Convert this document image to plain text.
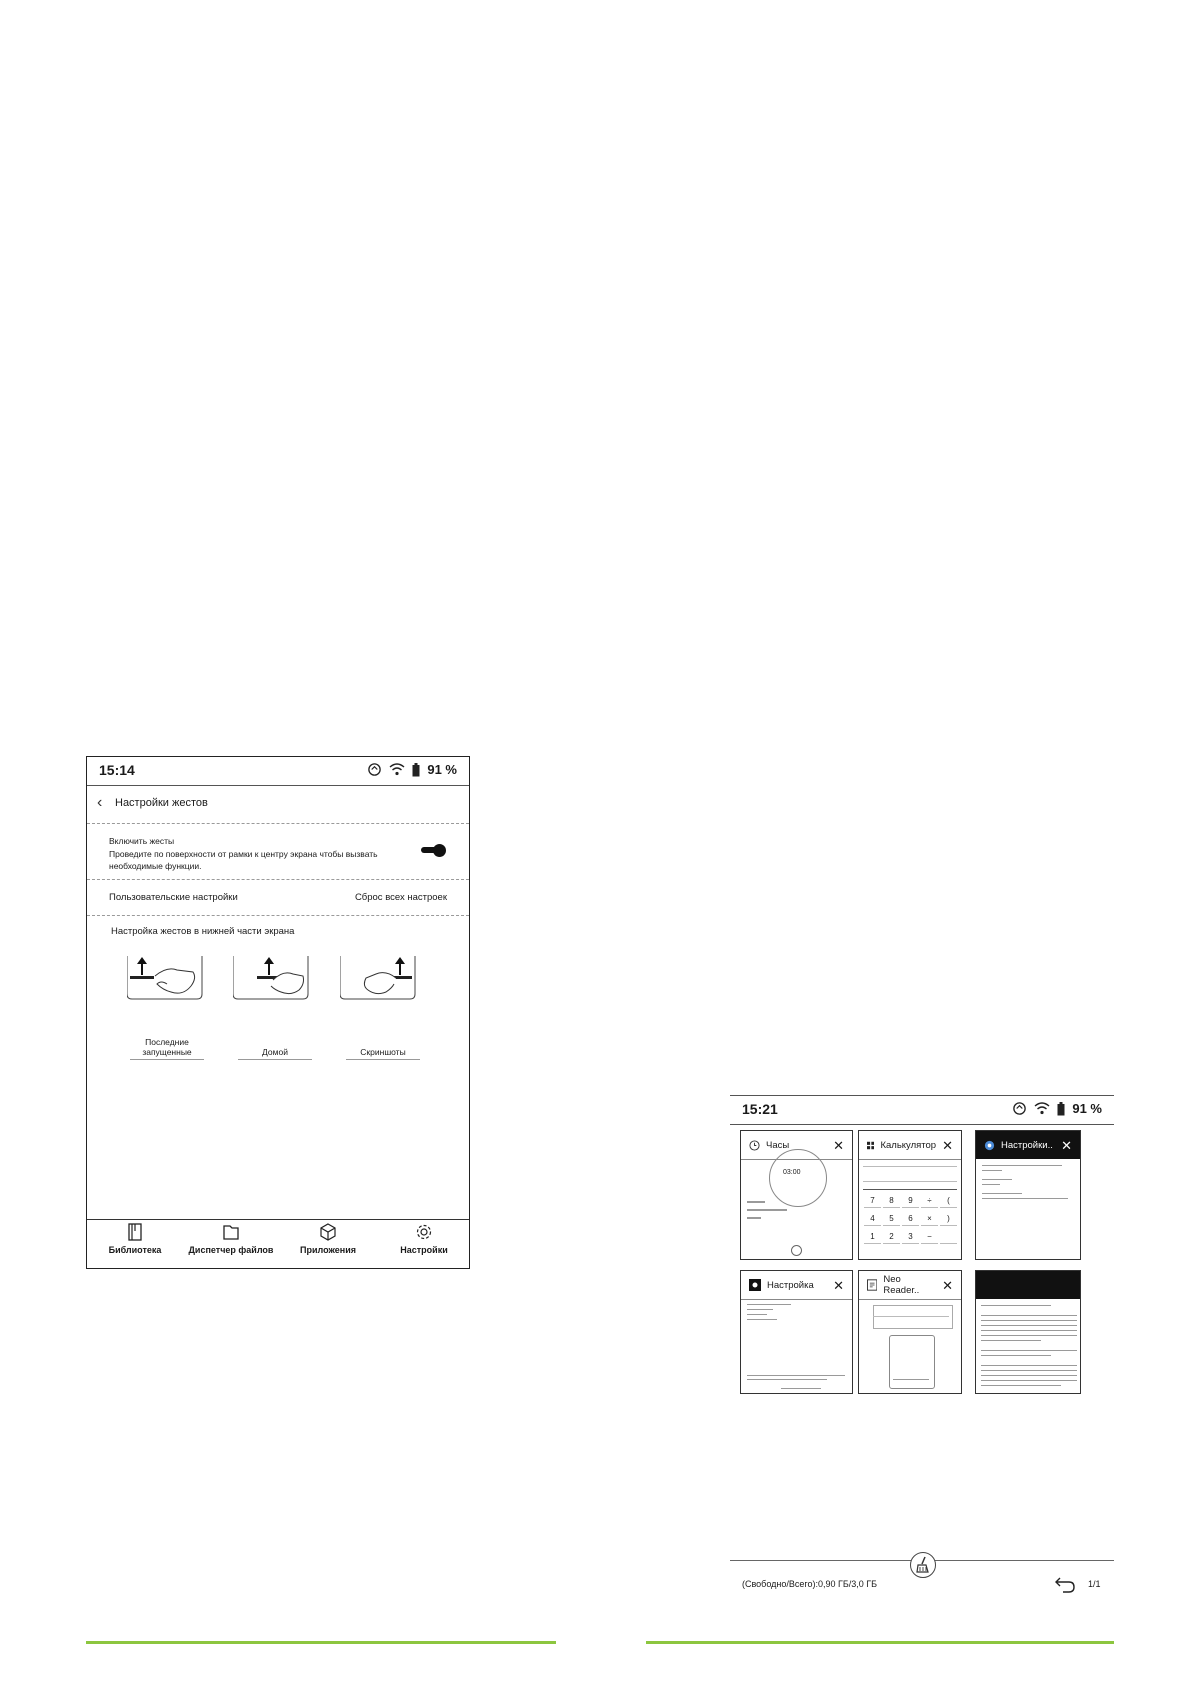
15:14	91 %
‹ Настройки жестов
Включить жесты
Проведите по поверхности от рамки к центру экрана чтобы вызвать необходимые функции.
Пользовательские настройки	Сброс всех настроек
Настройка жестов в нижней части экрана
Последние запущенные	Домой	Скриншоты
Библиотека	Диспетчер файлов	Приложения	Настройки
15:21	91 %
Часы	✕
03:00
Калькулятор ✕
7	8	9	÷	(
4	5	6	×	)
1	2	3	−
Настройки.. ✕
Настройка ✕	Neo Reader..	✕
(Свободно/Всего):0,90 ГБ/3,0 ГБ	1/1
